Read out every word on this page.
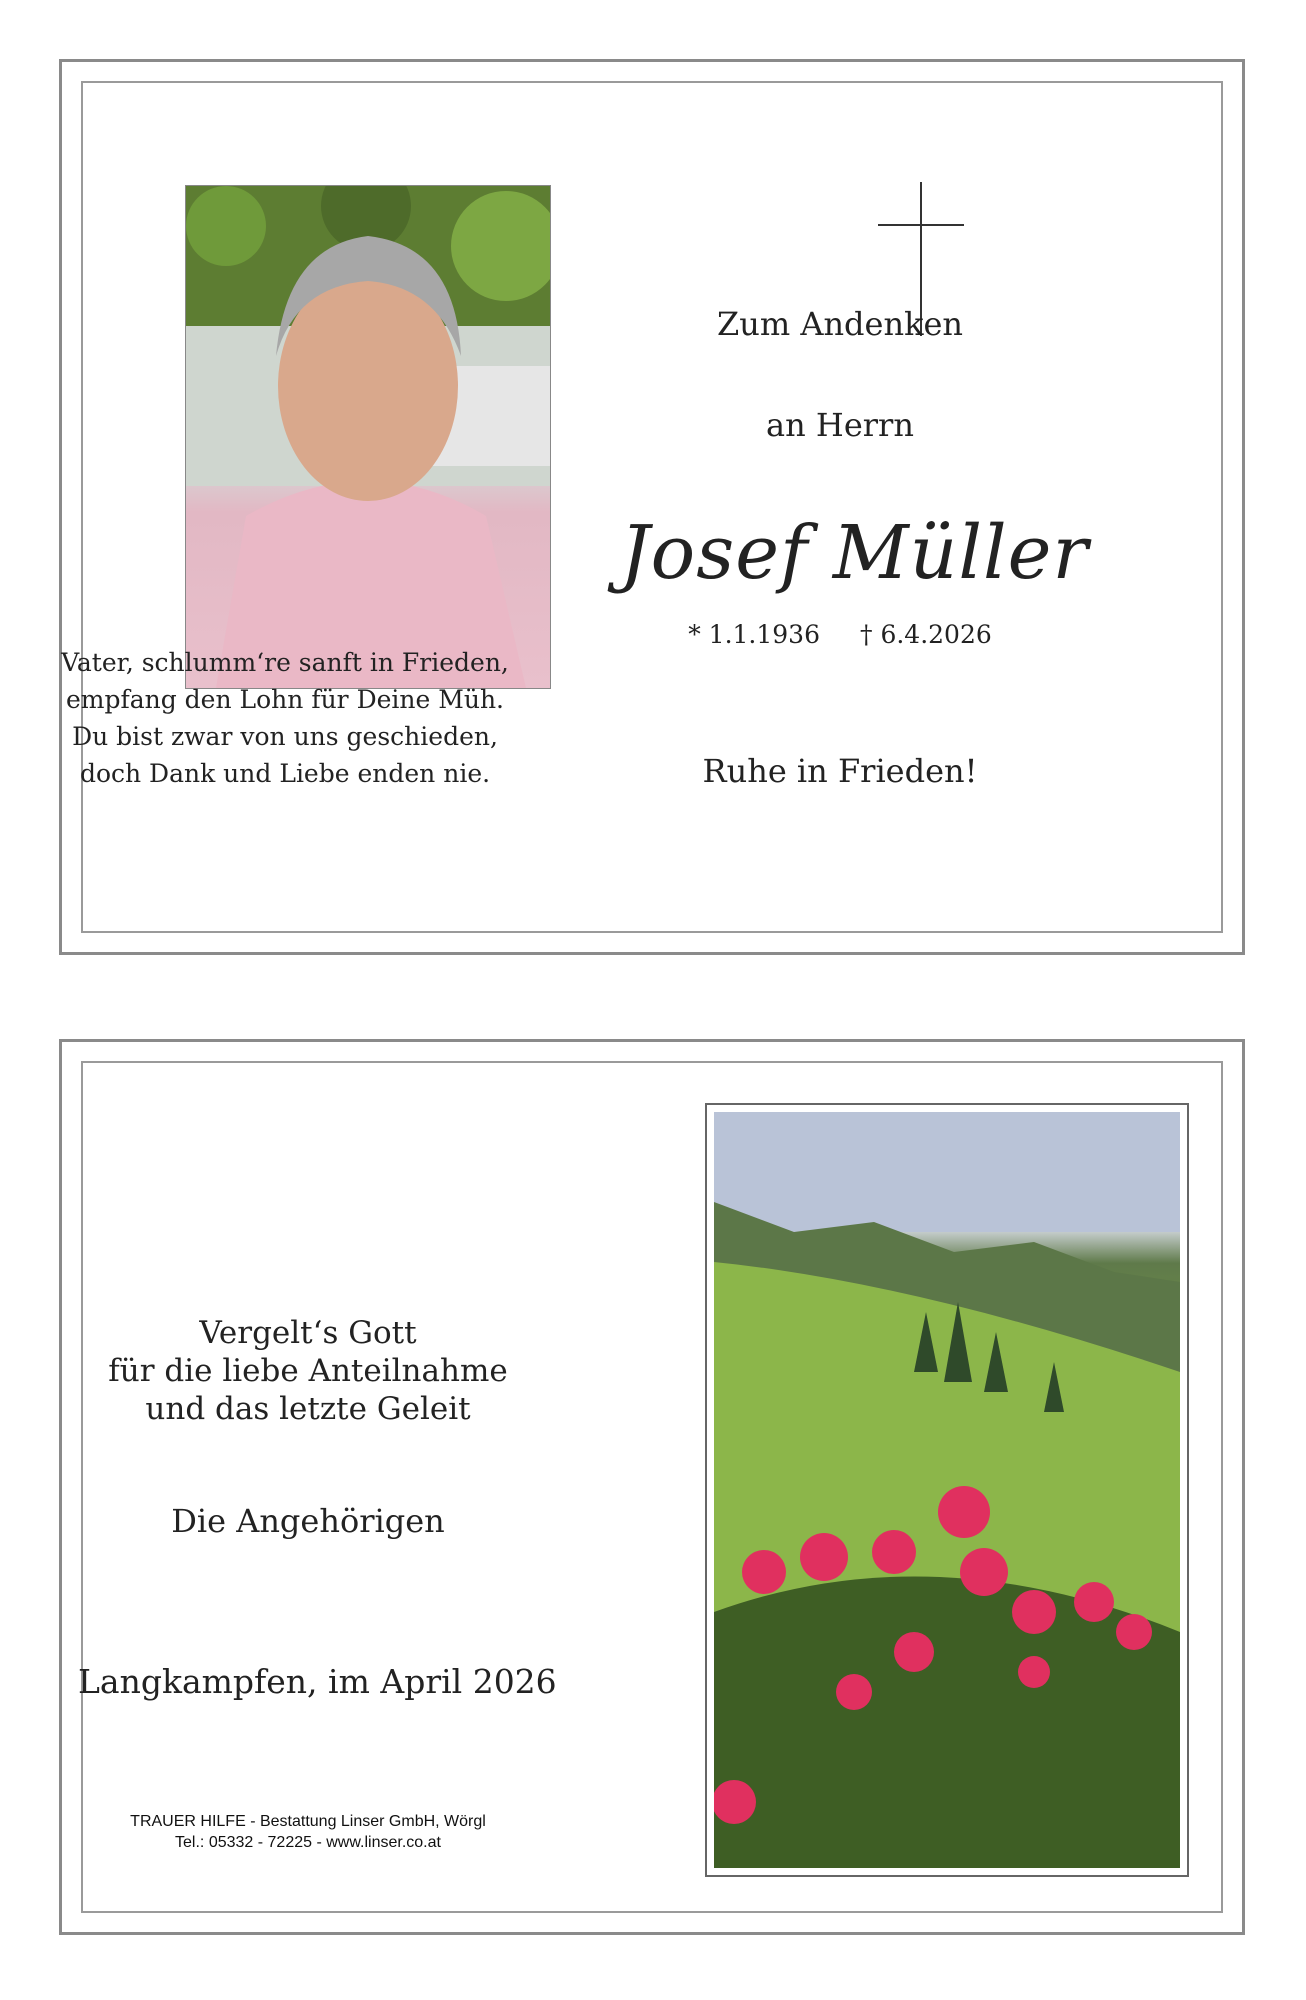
Zum Andenken
an Herrn
Josef Müller
* 1.1.1936 † 6.4.2026
Ruhe in Frieden!
Vater, schlumm‘re sanft in Frieden,
empfang den Lohn für Deine Müh.
Du bist zwar von uns geschieden,
doch Dank und Liebe enden nie.
Vergelt‘s Gott
für die liebe Anteilnahme
und das letzte Geleit
Die Angehörigen
Langkampfen, im April 2026
TRAUER HILFE - Bestattung Linser GmbH, Wörgl
Tel.: 05332 - 72225 - www.linser.co.at
